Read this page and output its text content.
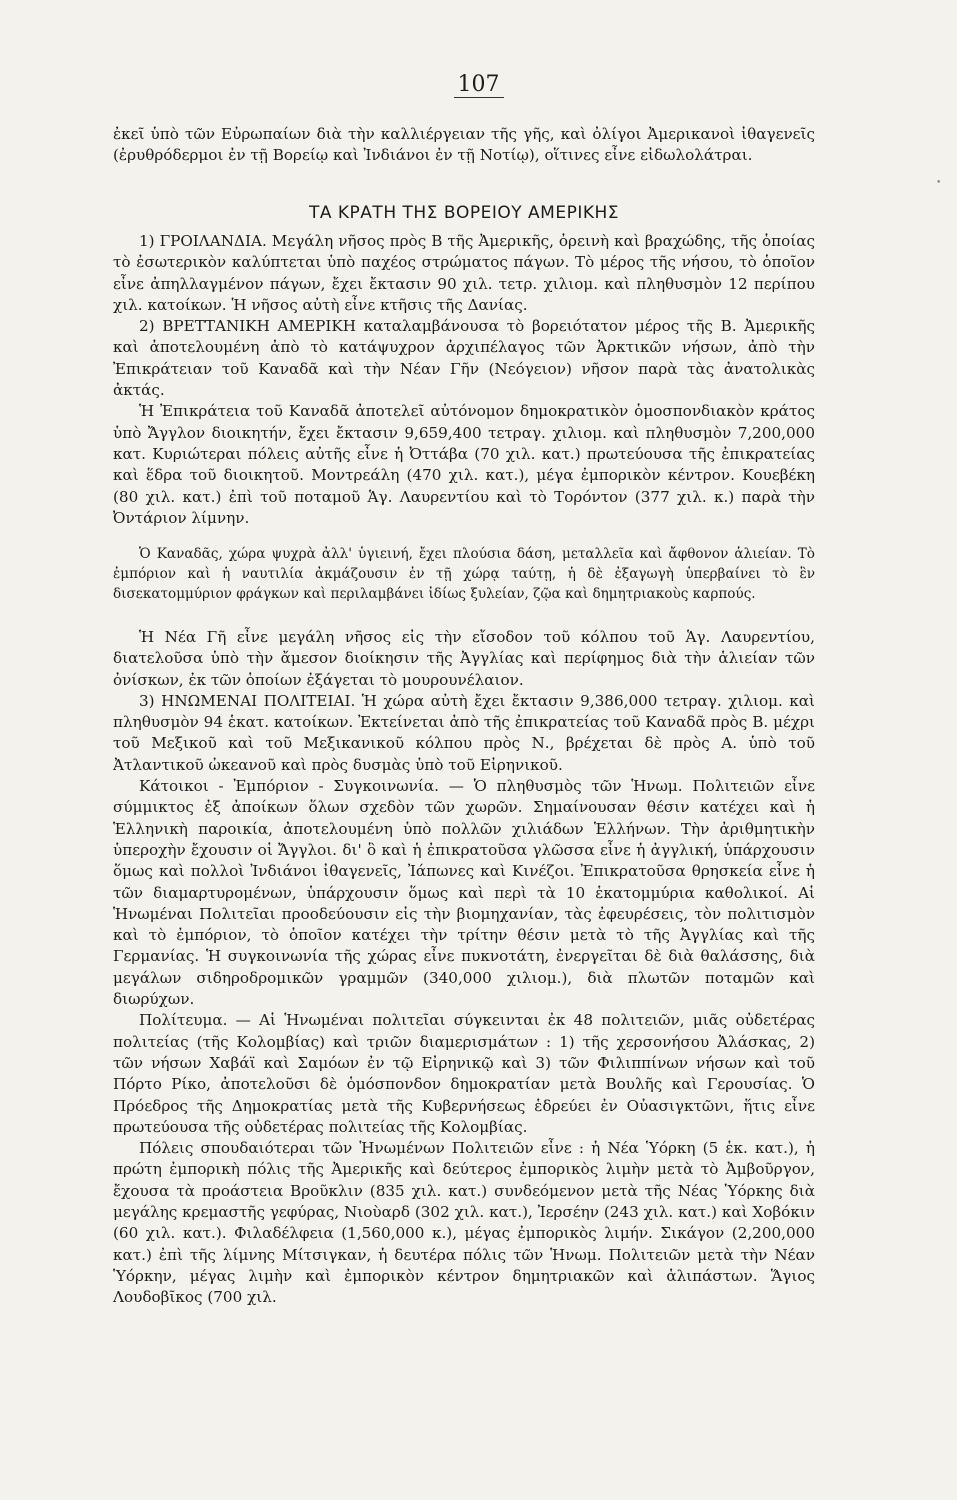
107

ἐκεῖ ὑπὸ τῶν Εὐρωπαίων διὰ τὴν καλλιέργειαν τῆς γῆς, καὶ ὀλίγοι Ἀμερικανοὶ ἰθαγενεῖς (ἐρυθρόδερμοι ἐν τῇ Βορείῳ καὶ Ἰνδιάνοι ἐν τῇ Νοτίῳ), οἵτινες εἶνε εἰδωλολάτραι.

ΤΑ ΚΡΑΤΗ ΤΗΣ ΒΟΡΕΙΟΥ ΑΜΕΡΙΚΗΣ

1) ΓΡΟΙΛΑΝΔΙΑ. Μεγάλη νῆσος πρὸς Β τῆς Ἀμερικῆς, ὀρεινὴ καὶ βραχώδης, τῆς ὁποίας τὸ ἐσωτερικὸν καλύπτεται ὑπὸ παχέος στρώματος πάγων. Τὸ μέρος τῆς νήσου, τὸ ὁποῖον εἶνε ἀπηλλαγμένον πάγων, ἔχει ἔκτασιν 90 χιλ. τετρ. χιλιομ. καὶ πληθυσμὸν 12 περίπου χιλ. κατοίκων. Ἡ νῆσος αὐτὴ εἶνε κτῆσις τῆς Δανίας.

2) ΒΡΕΤΤΑΝΙΚΗ ΑΜΕΡΙΚΗ καταλαμβάνουσα τὸ βορειότατον μέρος τῆς Β. Ἀμερικῆς καὶ ἀποτελουμένη ἀπὸ τὸ κατάψυχρον ἀρχιπέλαγος τῶν Ἀρκτικῶν νήσων, ἀπὸ τὴν Ἐπικράτειαν τοῦ Καναδᾶ καὶ τὴν Νέαν Γῆν (Νεόγειον) νῆσον παρὰ τὰς ἀνατολικὰς ἀκτάς.

Ἡ Ἐπικράτεια τοῦ Καναδᾶ ἀποτελεῖ αὐτόνομον δημοκρατικὸν ὁμοσπονδιακὸν κράτος ὑπὸ Ἄγγλον διοικητήν, ἔχει ἔκτασιν 9,659,400 τετραγ. χιλιομ. καὶ πληθυσμὸν 7,200,000 κατ. Κυριώτεραι πόλεις αὐτῆς εἶνε ἡ Ὀττάβα (70 χιλ. κατ.) πρωτεύουσα τῆς ἐπικρατείας καὶ ἕδρα τοῦ διοικητοῦ. Μοντρεάλη (470 χιλ. κατ.), μέγα ἐμπορικὸν κέντρον. Κουεβέκη (80 χιλ. κατ.) ἐπὶ τοῦ ποταμοῦ Ἁγ. Λαυρεντίου καὶ τὸ Τορόντον (377 χιλ. κ.) παρὰ τὴν Ὀντάριον λίμνην.

Ὁ Καναδᾶς, χώρα ψυχρὰ ἀλλ' ὑγιεινή, ἔχει πλούσια δάση, μεταλλεῖα καὶ ἄφθονον ἁλιείαν. Τὸ ἐμπόριον καὶ ἡ ναυτιλία ἀκμάζουσιν ἐν τῇ χώρᾳ ταύτῃ, ἡ δὲ ἐξαγωγὴ ὑπερβαίνει τὸ ἓν δισεκατομμύριον φράγκων καὶ περιλαμβάνει ἰδίως ξυλείαν, ζῷα καὶ δημητριακοὺς καρπούς.

Ἡ Νέα Γῆ εἶνε μεγάλη νῆσος εἰς τὴν εἴσοδον τοῦ κόλπου τοῦ Ἁγ. Λαυρεντίου, διατελοῦσα ὑπὸ τὴν ἄμεσον διοίκησιν τῆς Ἀγγλίας καὶ περίφημος διὰ τὴν ἁλιείαν τῶν ὀνίσκων, ἐκ τῶν ὁποίων ἐξάγεται τὸ μουρουνέλαιον.

3) ΗΝΩΜΕΝΑΙ ΠΟΛΙΤΕΙΑΙ. Ἡ χώρα αὐτὴ ἔχει ἔκτασιν 9,386,000 τετραγ. χιλιομ. καὶ πληθυσμὸν 94 ἑκατ. κατοίκων. Ἐκτείνεται ἀπὸ τῆς ἐπικρατείας τοῦ Καναδᾶ πρὸς Β. μέχρι τοῦ Μεξικοῦ καὶ τοῦ Μεξικανικοῦ κόλπου πρὸς Ν., βρέχεται δὲ πρὸς Α. ὑπὸ τοῦ Ἀτλαντικοῦ ὠκεανοῦ καὶ πρὸς δυσμὰς ὑπὸ τοῦ Εἰρηνικοῦ.

Κάτοικοι - Ἐμπόριον - Συγκοινωνία. — Ὁ πληθυσμὸς τῶν Ἡνωμ. Πολιτειῶν εἶνε σύμμικτος ἐξ ἀποίκων ὅλων σχεδὸν τῶν χωρῶν. Σημαίνουσαν θέσιν κατέχει καὶ ἡ Ἑλληνικὴ παροικία, ἀποτελουμένη ὑπὸ πολλῶν χιλιάδων Ἑλλήνων. Τὴν ἀριθμητικὴν ὑπεροχὴν ἔχουσιν οἱ Ἄγγλοι. δι' ὃ καὶ ἡ ἐπικρατοῦσα γλῶσσα εἶνε ἡ ἀγγλική, ὑπάρχουσιν ὅμως καὶ πολλοὶ Ἰνδιάνοι ἰθαγενεῖς, Ἰάπωνες καὶ Κινέζοι. Ἐπικρατοῦσα θρησκεία εἶνε ἡ τῶν διαμαρτυρομένων, ὑπάρχουσιν ὅμως καὶ περὶ τὰ 10 ἑκατομμύρια καθολικοί. Αἱ Ἡνωμέναι Πολιτεῖαι προοδεύουσιν εἰς τὴν βιομηχανίαν, τὰς ἐφευρέσεις, τὸν πολιτισμὸν καὶ τὸ ἐμπόριον, τὸ ὁποῖον κατέχει τὴν τρίτην θέσιν μετὰ τὸ τῆς Ἀγγλίας καὶ τῆς Γερμανίας. Ἡ συγκοινωνία τῆς χώρας εἶνε πυκνοτάτη, ἐνεργεῖται δὲ διὰ θαλάσσης, διὰ μεγάλων σιδηροδρομικῶν γραμμῶν (340,000 χιλιομ.), διὰ πλωτῶν ποταμῶν καὶ διωρύχων.

Πολίτευμα. — Αἱ Ἡνωμέναι πολιτεῖαι σύγκεινται ἐκ 48 πολιτειῶν, μιᾶς οὐδετέρας πολιτείας (τῆς Κολομβίας) καὶ τριῶν διαμερισμάτων : 1) τῆς χερσονήσου Ἀλάσκας, 2) τῶν νήσων Χαβάϊ καὶ Σαμόων ἐν τῷ Εἰρηνικῷ καὶ 3) τῶν Φιλιππίνων νήσων καὶ τοῦ Πόρτο Ρίκο, ἀποτελοῦσι δὲ ὁμόσπονδον δημοκρατίαν μετὰ Βουλῆς καὶ Γερουσίας. Ὁ Πρόεδρος τῆς Δημοκρατίας μετὰ τῆς Κυβερνήσεως ἑδρεύει ἐν Οὐασιγκτῶνι, ἥτις εἶνε πρωτεύουσα τῆς οὐδετέρας πολιτείας τῆς Κολομβίας.

Πόλεις σπουδαιότεραι τῶν Ἡνωμένων Πολιτειῶν εἶνε : ἡ Νέα Ὑόρκη (5 ἑκ. κατ.), ἡ πρώτη ἐμπορικὴ πόλις τῆς Ἀμερικῆς καὶ δεύτερος ἐμπορικὸς λιμὴν μετὰ τὸ Ἀμβοῦργον, ἔχουσα τὰ προάστεια Βροῦκλιν (835 χιλ. κατ.) συνδεόμενον μετὰ τῆς Νέας Ὑόρκης διὰ μεγάλης κρεμαστῆς γεφύρας, Νιοὺαρδ (302 χιλ. κατ.), Ἰερσέην (243 χιλ. κατ.) καὶ Χοβόκιν (60 χιλ. κατ.). Φιλαδέλφεια (1,560,000 κ.), μέγας ἐμπορικὸς λιμήν. Σικάγον (2,200,000 κατ.) ἐπὶ τῆς λίμνης Μίτσιγκαν, ἡ δευτέρα πόλις τῶν Ἡνωμ. Πολιτειῶν μετὰ τὴν Νέαν Ὑόρκην, μέγας λιμὴν καὶ ἐμπορικὸν κέντρον δημητριακῶν καὶ ἁλιπάστων. Ἅγιος Λουδοβῖκος (700 χιλ.

•
